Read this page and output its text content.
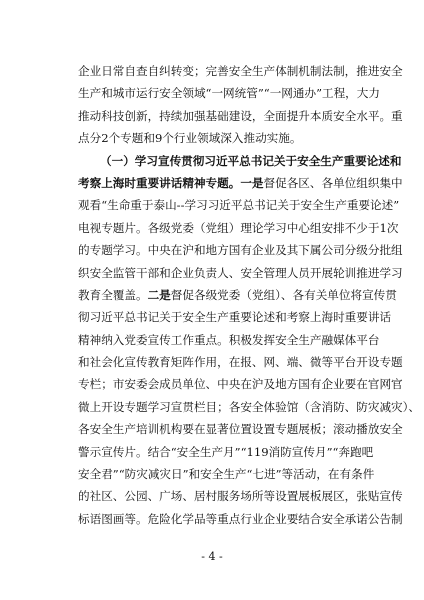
企业日常自查自纠转变；完善安全生产体制机制法制，推进安全
生产和城市运行安全领域“一网统管”“一网通办”工程，大力
推动科技创新，持续加强基础建设，全面提升本质安全水平。重
点分2个专题和9个行业领域深入推动实施。
（一）学习宣传贯彻习近平总书记关于安全生产重要论述和
考察上海时重要讲话精神专题。一是督促各区、各单位组织集中
观看“生命重于泰山--学习习近平总书记关于安全生产重要论述”
电视专题片。各级党委（党组）理论学习中心组安排不少于1次
的专题学习。中央在沪和地方国有企业及其下属公司分级分批组
织安全监管干部和企业负责人、安全管理人员开展轮训推进学习
教育全覆盖。二是督促各级党委（党组）、各有关单位将宣传贯
彻习近平总书记关于安全生产重要论述和考察上海时重要讲话
精神纳入党委宣传工作重点。积极发挥安全生产融媒体平台
和社会化宣传教育矩阵作用，在报、网、端、微等平台开设专题
专栏；市安委会成员单位、中央在沪及地方国有企业要在官网官
微上开设专题学习宣贯栏目；各安全体验馆（含消防、防灾减灾）、
各安全生产培训机构要在显著位置设置专题展板；滚动播放安全
警示宣传片。结合“安全生产月”“119消防宣传月”“奔跑吧
安全君”“防灾减灾日”和安全生产“七进”等活动，在有条件
的社区、公园、广场、居村服务场所等设置展板展区，张贴宣传
标语图画等。危险化学品等重点行业企业要结合安全承诺公告制
- 4 -
